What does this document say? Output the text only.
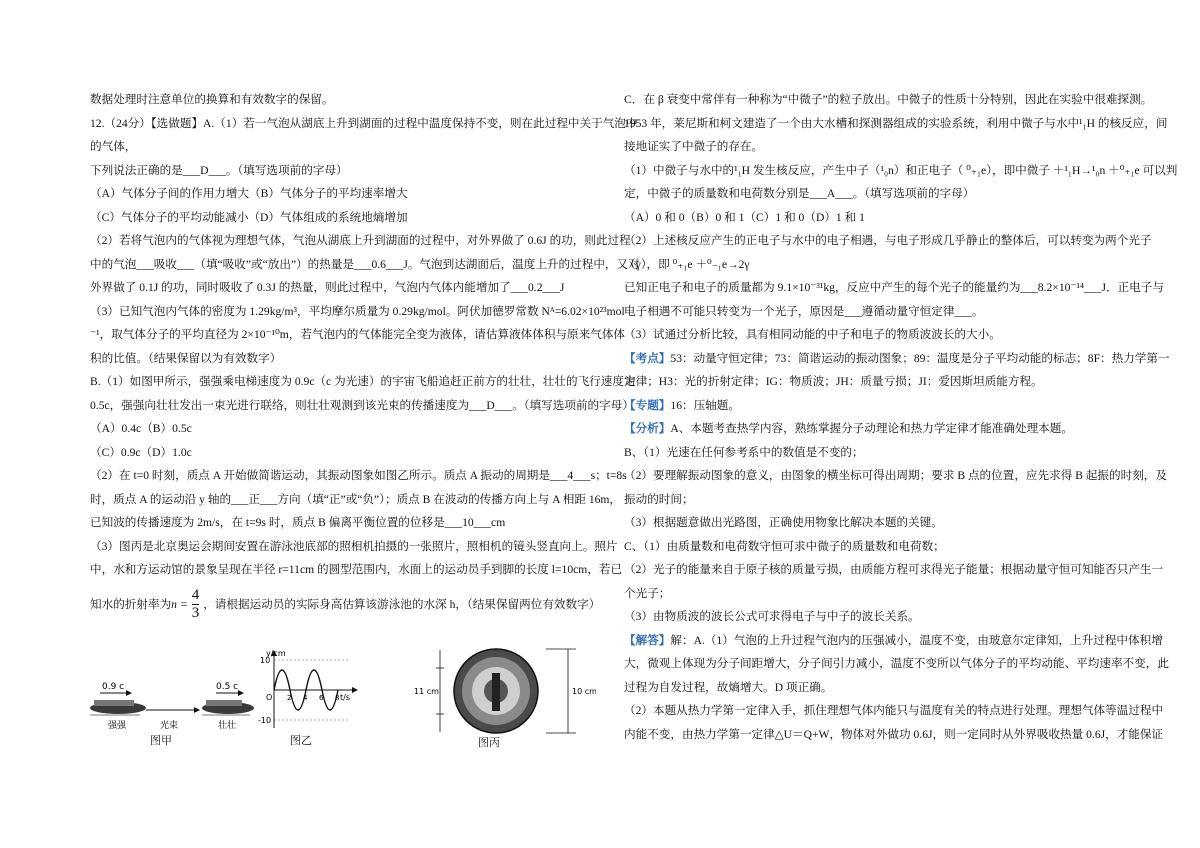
数据处理时注意单位的换算和有效数字的保留。
12.（24分）【选做题】A.（1）若一气泡从湖底上升到湖面的过程中温度保持不变，则在此过程中关于气泡中
的气体，
下列说法正确的是___D___。（填写选项前的字母）
（A）气体分子间的作用力增大（B）气体分子的平均速率增大
（C）气体分子的平均动能减小（D）气体组成的系统地熵增加
（2）若将气泡内的气体视为理想气体，气泡从湖底上升到湖面的过程中，对外界做了 0.6J 的功，则此过程
中的气泡___吸收___（填“吸收”或“放出”）的热量是___0.6___J。气泡到达湖面后，温度上升的过程中，又对
外界做了 0.1J 的功，同时吸收了 0.3J 的热量，则此过程中，气泡内气体内能增加了___0.2___J
（3）已知气泡内气体的密度为 1.29kg/m³，平均摩尔质量为 0.29kg/mol。阿伏加德罗常数 Nᴬ=6.02×10²³mol
⁻¹，取气体分子的平均直径为 2×10⁻¹⁰m，若气泡内的气体能完全变为液体，请估算液体体积与原来气体体
积的比值。（结果保留以为有效数字）
B.（1）如图甲所示，强强乘电梯速度为 0.9c（c 为光速）的宇宙飞船追赶正前方的壮壮，壮壮的飞行速度为
0.5c，强强向壮壮发出一束光进行联络，则壮壮观测到该光束的传播速度为___D___。（填写选项前的字母）
（A）0.4c（B）0.5c
（C）0.9c（D）1.0c
（2）在 t=0 时刻，质点 A 开始做简谐运动，其振动图象如图乙所示。质点 A 振动的周期是___4___s；t=8s
时，质点 A 的运动沿 y 轴的___正___方向（填“正”或“负”）；质点 B 在波动的传播方向上与 A 相距 16m，
已知波的传播速度为 2m/s，在 t=9s 时，质点 B 偏离平衡位置的位移是___10___cm
（3）图丙是北京奥运会期间安置在游泳池底部的照相机拍摄的一张照片，照相机的镜头竖直向上。照片
中，水和方运动馆的景象呈现在半径 r=11cm 的圆型范围内，水面上的运动员手到脚的长度 l=10cm，若已
知水的折射率为$n = \frac{4}{3}$ ，请根据运动员的实际身高估算该游泳池的水深 h，（结果保留两位有效数字）
0.9 c	0.5 c
强强	光束	壮壮
图甲
y/cm
10
-10
O	t/s
2 4 6 8
图乙
11 cm	10 cm
图丙
C．在 β 衰变中常伴有一种称为“中微子”的粒子放出。中微子的性质十分特别，因此在实验中很难探测。
1953 年，莱尼斯和柯文建造了一个由大水槽和探测器组成的实验系统，利用中微子与水中¹₁H 的核反应，间
接地证实了中微子的存在。
（1）中微子与水中的¹₁H 发生核反应，产生中子（¹₀n）和正电子（ ⁰₊₁e），即中微子 ＋¹₁H→¹₀n ＋⁰₊₁e 可以判
定，中微子的质量数和电荷数分别是___A___。（填写选项前的字母）
（A）0 和 0（B）0 和 1（C）1 和 0（D）1 和 1
（2）上述核反应产生的正电子与水中的电子相遇，与电子形成几乎静止的整体后，可以转变为两个光子
（γ），即 ⁰₊₁e ＋⁰₋₁e→2γ
已知正电子和电子的质量都为 9.1×10⁻³¹kg，反应中产生的每个光子的能量约为___8.2×10⁻¹⁴___J．正电子与
电子相遇不可能只转变为一个光子，原因是___遵循动量守恒定律___。
（3）试通过分析比较，具有相同动能的中子和电子的物质波波长的大小。
【考点】53：动量守恒定律；73：简谐运动的振动图象；89：温度是分子平均动能的标志；8F：热力学第一
定律；H3：光的折射定律；IG：物质波；JH：质量亏损；JI：爱因斯坦质能方程。
【专题】16：压轴题。
【分析】A、本题考查热学内容，熟练掌握分子动理论和热力学定律才能准确处理本题。
B、（1）光速在任何参考系中的数值是不变的；
（2）要理解振动图象的意义，由图象的横坐标可得出周期；要求 B 点的位置，应先求得 B 起振的时刻，及
振动的时间；
（3）根据题意做出光路图，正确使用物象比解决本题的关键。
C、（1）由质量数和电荷数守恒可求中微子的质量数和电荷数；
（2）光子的能量来自于原子核的质量亏损，由质能方程可求得光子能量；根据动量守恒可知能否只产生一
个光子；
（3）由物质波的波长公式可求得电子与中子的波长关系。
【解答】解：A.（1）气泡的上升过程气泡内的压强减小，温度不变，由玻意尔定律知，上升过程中体积增
大，微观上体现为分子间距增大，分子间引力减小，温度不变所以气体分子的平均动能、平均速率不变，此
过程为自发过程，故熵增大。D 项正确。
（2）本题从热力学第一定律入手，抓住理想气体内能只与温度有关的特点进行处理。理想气体等温过程中
内能不变，由热力学第一定律△U＝Q+W，物体对外做功 0.6J，则一定同时从外界吸收热量 0.6J，才能保证
